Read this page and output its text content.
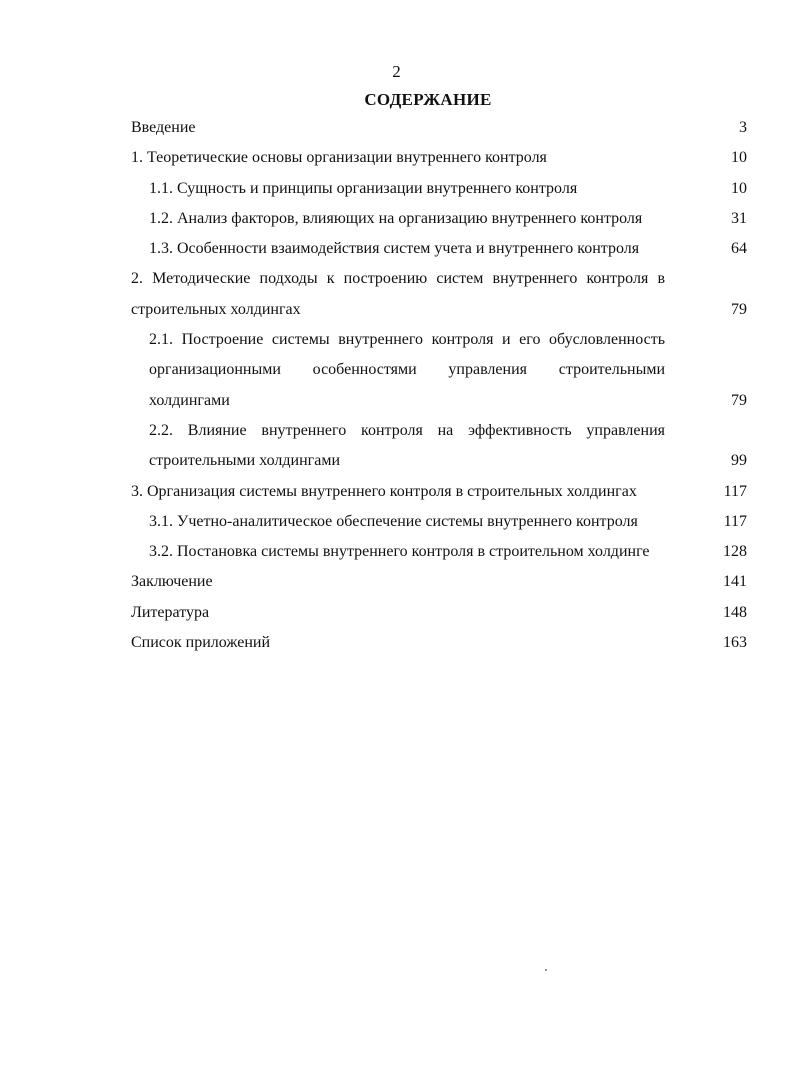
2
СОДЕРЖАНИЕ
Введение	3
1. Теоретические основы организации внутреннего контроля	10
1.1. Сущность и принципы организации внутреннего контроля	10
1.2. Анализ факторов, влияющих на организацию внутреннего контроля	31
1.3. Особенности взаимодействия систем учета и внутреннего контроля	64
2. Методические подходы к построению систем внутреннего контроля в строительных холдингах	79
2.1. Построение системы внутреннего контроля и его обусловленность организационными особенностями управления строительными холдингами	79
2.2. Влияние внутреннего контроля на эффективность управления строительными холдингами	99
3. Организация системы внутреннего контроля в строительных холдингах	117
3.1. Учетно-аналитическое обеспечение системы внутреннего контроля	117
3.2. Постановка системы внутреннего контроля в строительном холдинге	128
Заключение	141
Литература	148
Список приложений	163
